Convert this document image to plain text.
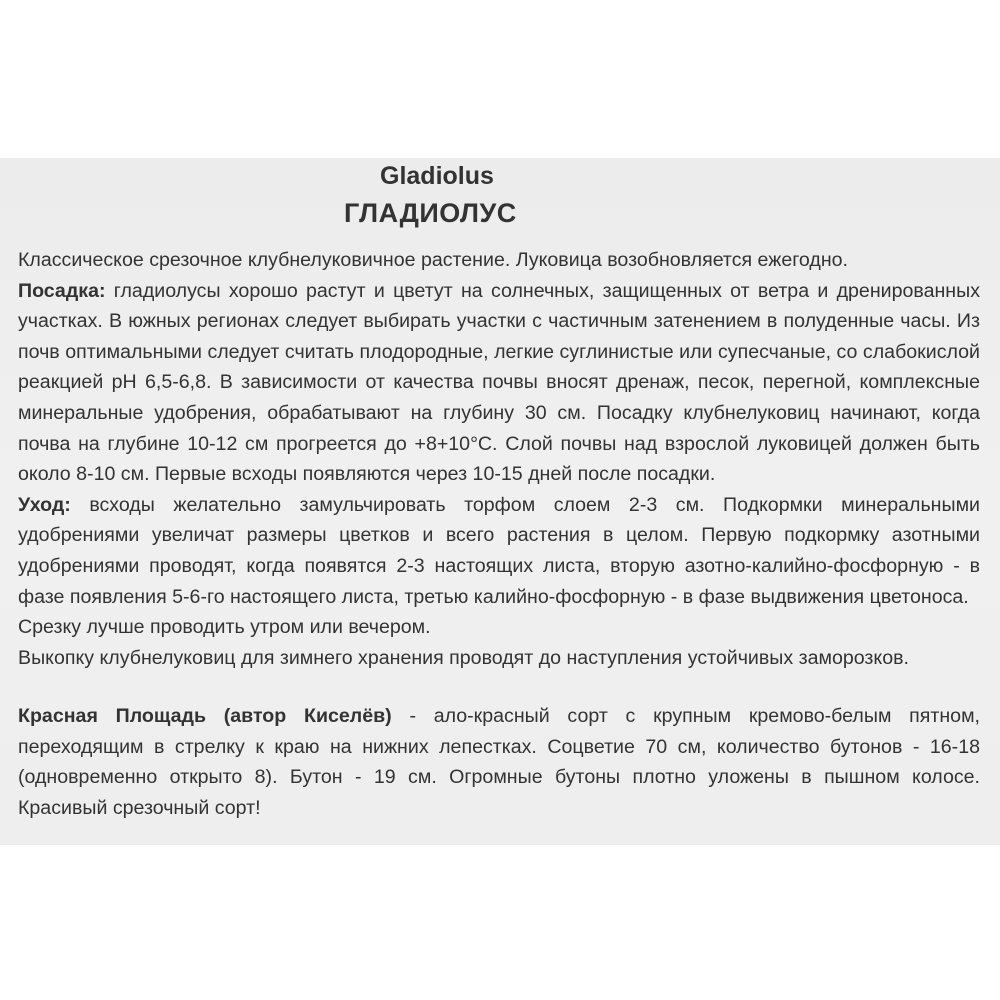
Gladiolus
ГЛАДИОЛУС

Классическое срезочное клубнелуковичное растение. Луковица возобновляется ежегодно.

Посадка: гладиолусы хорошо растут и цветут на солнечных, защищенных от ветра и дренированных участках. В южных регионах следует выбирать участки с частичным затенением в полуденные часы. Из почв оптимальными следует считать плодородные, легкие суглинистые или супесчаные, со слабокислой реакцией pH 6,5-6,8. В зависимости от качества почвы вносят дренаж, песок, перегной, комплексные минеральные удобрения, обрабатывают на глубину 30 см. Посадку клубнелуковиц начинают, когда почва на глубине 10-12 см прогреется до +8+10°С. Слой почвы над взрослой луковицей должен быть около 8-10 см. Первые всходы появляются через 10-15 дней после посадки.

Уход: всходы желательно замульчировать торфом слоем 2-3 см. Подкормки минеральными удобрениями увеличат размеры цветков и всего растения в целом. Первую подкормку азотными удобрениями проводят, когда появятся 2-3 настоящих листа, вторую азотно-калийно-фосфорную - в фазе появления 5-6-го настоящего листа, третью калийно-фосфорную - в фазе выдвижения цветоноса.

Срезку лучше проводить утром или вечером.

Выкопку клубнелуковиц для зимнего хранения проводят до наступления устойчивых заморозков.

Красная Площадь (автор Киселёв) - ало-красный сорт с крупным кремово-белым пятном, переходящим в стрелку к краю на нижних лепестках. Соцветие 70 см, количество бутонов - 16-18 (одновременно открыто 8). Бутон - 19 см. Огромные бутоны плотно уложены в пышном колосе. Красивый срезочный сорт!
